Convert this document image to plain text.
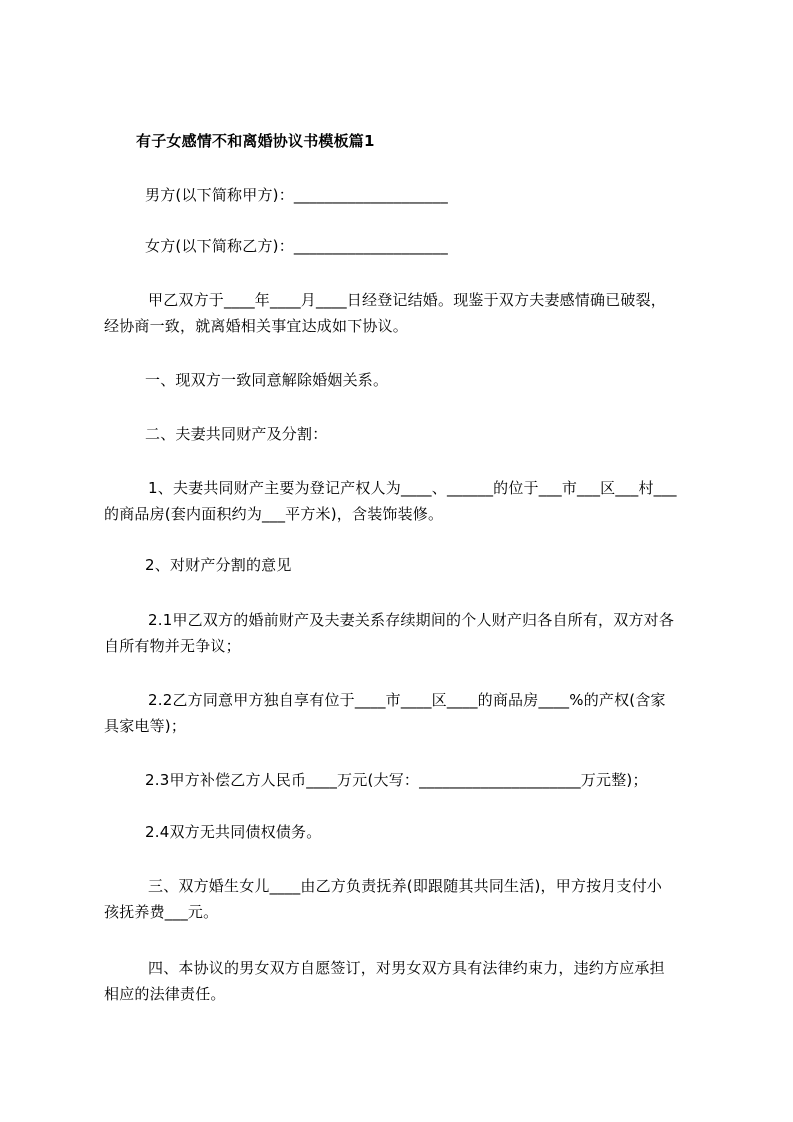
有子女感情不和离婚协议书模板篇1
男方(以下简称甲方)：____________________
女方(以下简称乙方)：____________________
甲乙双方于____年____月____日经登记结婚。现鉴于双方夫妻感情确已破裂，
经协商一致，就离婚相关事宜达成如下协议。
一、现双方一致同意解除婚姻关系。
二、夫妻共同财产及分割：
1、夫妻共同财产主要为登记产权人为____、______的位于___市___区___村___
的商品房(套内面积约为___平方米)，含装饰装修。
2、对财产分割的意见
2.1甲乙双方的婚前财产及夫妻关系存续期间的个人财产归各自所有，双方对各
自所有物并无争议；
2.2乙方同意甲方独自享有位于____市____区____的商品房____%的产权(含家
具家电等)；
2.3甲方补偿乙方人民币____万元(大写：_____________________万元整)；
2.4双方无共同债权债务。
三、双方婚生女儿____由乙方负责抚养(即跟随其共同生活)，甲方按月支付小
孩抚养费___元。
四、本协议的男女双方自愿签订，对男女双方具有法律约束力，违约方应承担
相应的法律责任。
